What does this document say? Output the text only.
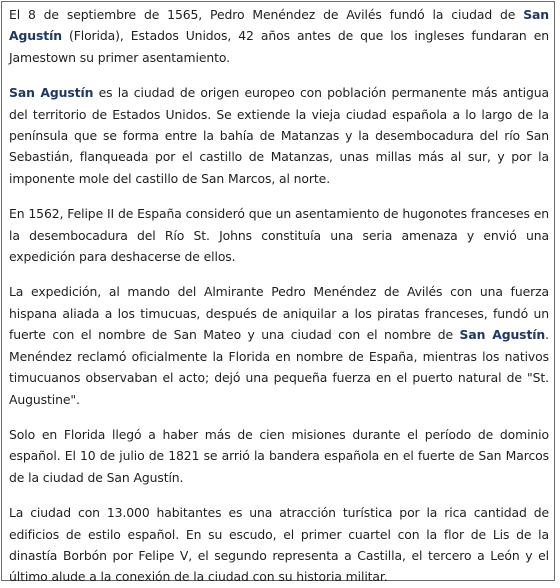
El 8 de septiembre de 1565, Pedro Menéndez de Avilés fundó la ciudad de San Agustín (Florida), Estados Unidos, 42 años antes de que los ingleses fundaran en Jamestown su primer asentamiento.

San Agustín es la ciudad de origen europeo con población permanente más antigua del territorio de Estados Unidos. Se extiende la vieja ciudad española a lo largo de la península que se forma entre la bahía de Matanzas y la desembocadura del río San Sebastián, flanqueada por el castillo de Matanzas, unas millas más al sur, y por la imponente mole del castillo de San Marcos, al norte.

En 1562, Felipe II de España consideró que un asentamiento de hugonotes franceses en la desembocadura del Río St. Johns constituía una seria amenaza y envió una expedición para deshacerse de ellos.

La expedición, al mando del Almirante Pedro Menéndez de Avilés con una fuerza hispana aliada a los timucuas, después de aniquilar a los piratas franceses, fundó un fuerte con el nombre de San Mateo y una ciudad con el nombre de San Agustín. Menéndez reclamó oficialmente la Florida en nombre de España, mientras los nativos timucuanos observaban el acto; dejó una pequeña fuerza en el puerto natural de "St. Augustine".

Solo en Florida llegó a haber más de cien misiones durante el período de dominio español. El 10 de julio de 1821 se arrió la bandera española en el fuerte de San Marcos de la ciudad de San Agustín.

La ciudad con 13.000 habitantes es una atracción turística por la rica cantidad de edificios de estilo español. En su escudo, el primer cuartel con la flor de Lis de la dinastía Borbón por Felipe V, el segundo representa a Castilla, el tercero a León y el último alude a la conexión de la ciudad con su historia militar.
